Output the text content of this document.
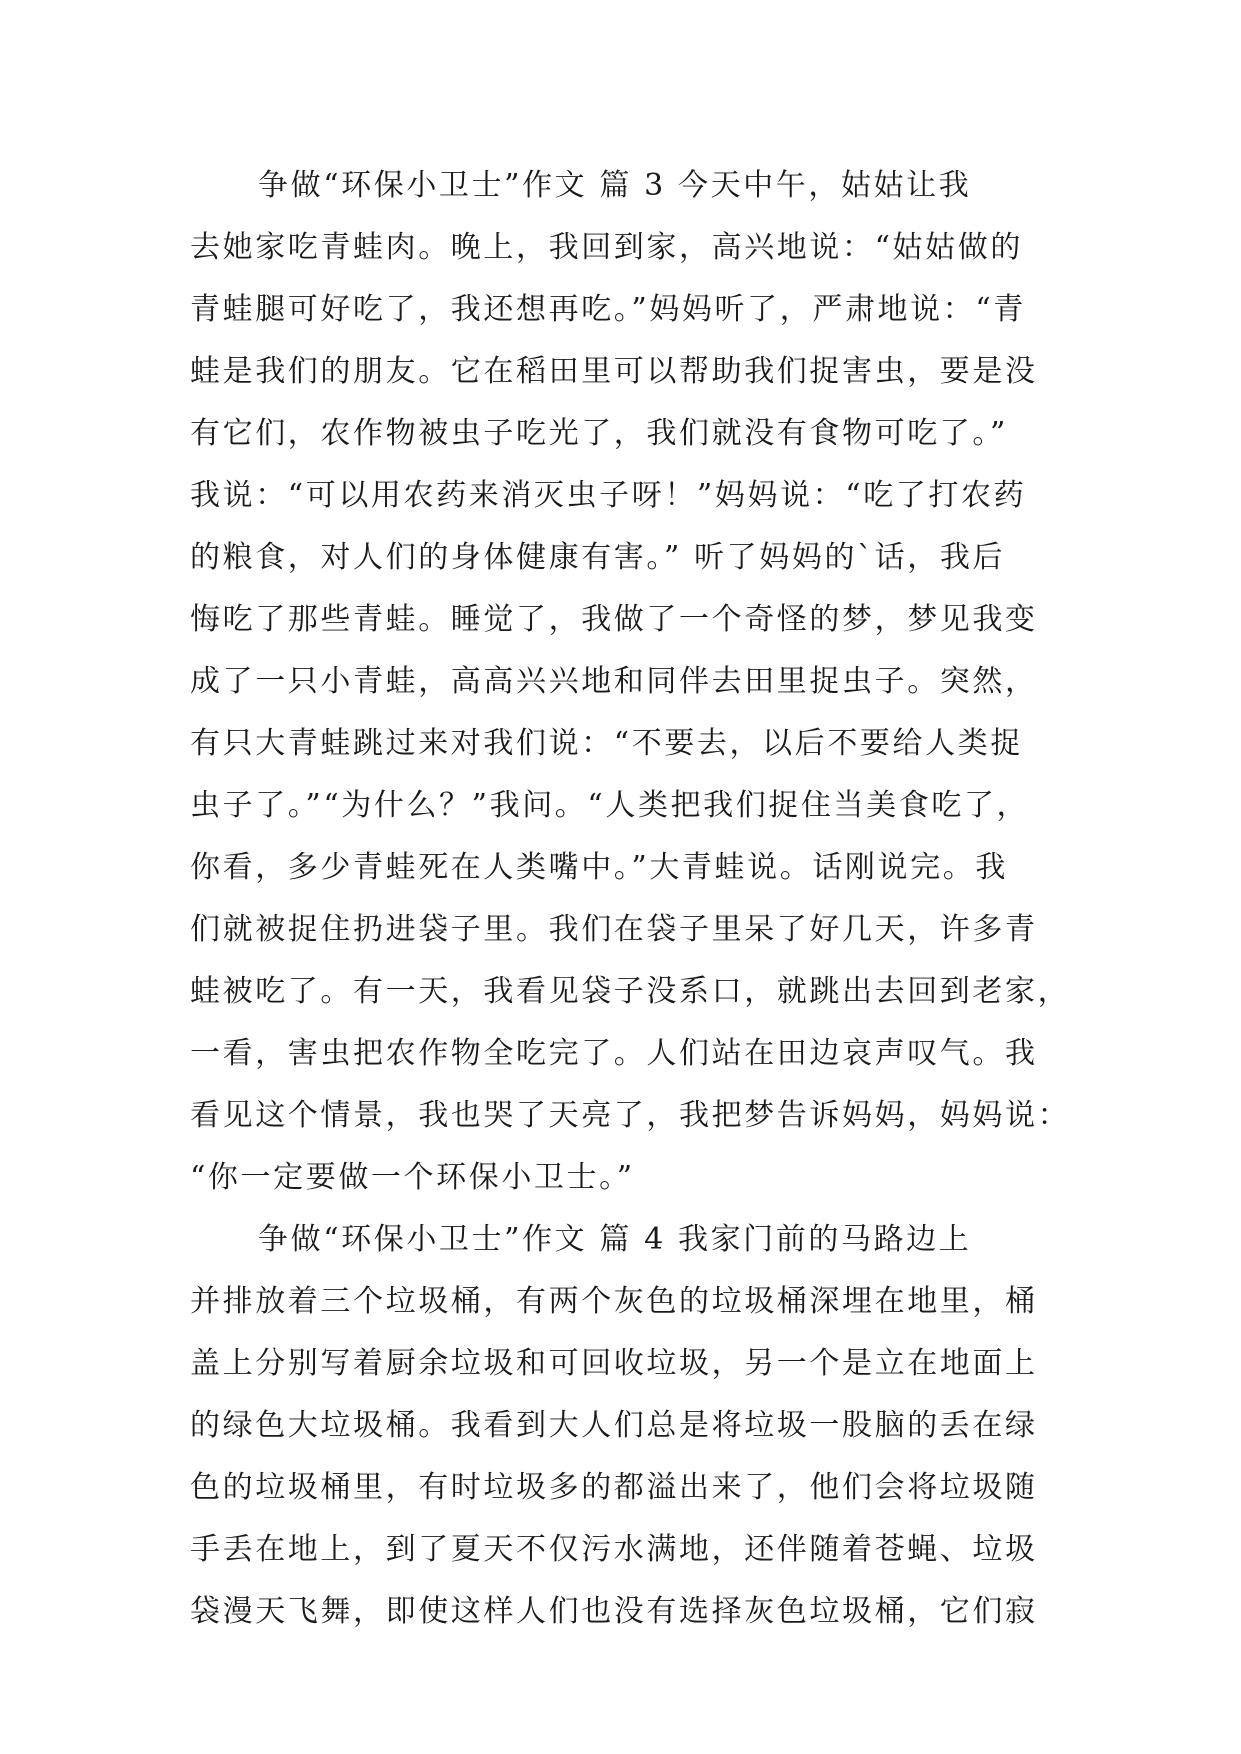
争做“环保小卫士”作文 篇 3 今天中午，姑姑让我
去她家吃青蛙肉。晚上，我回到家，高兴地说：“姑姑做的
青蛙腿可好吃了，我还想再吃。”妈妈听了，严肃地说：“青
蛙是我们的朋友。它在稻田里可以帮助我们捉害虫，要是没
有它们，农作物被虫子吃光了，我们就没有食物可吃了。”
我说：“可以用农药来消灭虫子呀！”妈妈说：“吃了打农药
的粮食，对人们的身体健康有害。” 听了妈妈的`话，我后
悔吃了那些青蛙。睡觉了，我做了一个奇怪的梦，梦见我变
成了一只小青蛙，高高兴兴地和同伴去田里捉虫子。突然，
有只大青蛙跳过来对我们说：“不要去，以后不要给人类捉
虫子了。”“为什么？”我问。“人类把我们捉住当美食吃了，
你看，多少青蛙死在人类嘴中。”大青蛙说。话刚说完。我
们就被捉住扔进袋子里。我们在袋子里呆了好几天，许多青
蛙被吃了。有一天，我看见袋子没系口，就跳出去回到老家，
一看，害虫把农作物全吃完了。人们站在田边哀声叹气。我
看见这个情景，我也哭了天亮了，我把梦告诉妈妈，妈妈说：
“你一定要做一个环保小卫士。”
争做“环保小卫士”作文 篇 4 我家门前的马路边上
并排放着三个垃圾桶，有两个灰色的垃圾桶深埋在地里，桶
盖上分别写着厨余垃圾和可回收垃圾，另一个是立在地面上
的绿色大垃圾桶。我看到大人们总是将垃圾一股脑的丢在绿
色的垃圾桶里，有时垃圾多的都溢出来了，他们会将垃圾随
手丢在地上，到了夏天不仅污水满地，还伴随着苍蝇、垃圾
袋漫天飞舞，即使这样人们也没有选择灰色垃圾桶，它们寂
